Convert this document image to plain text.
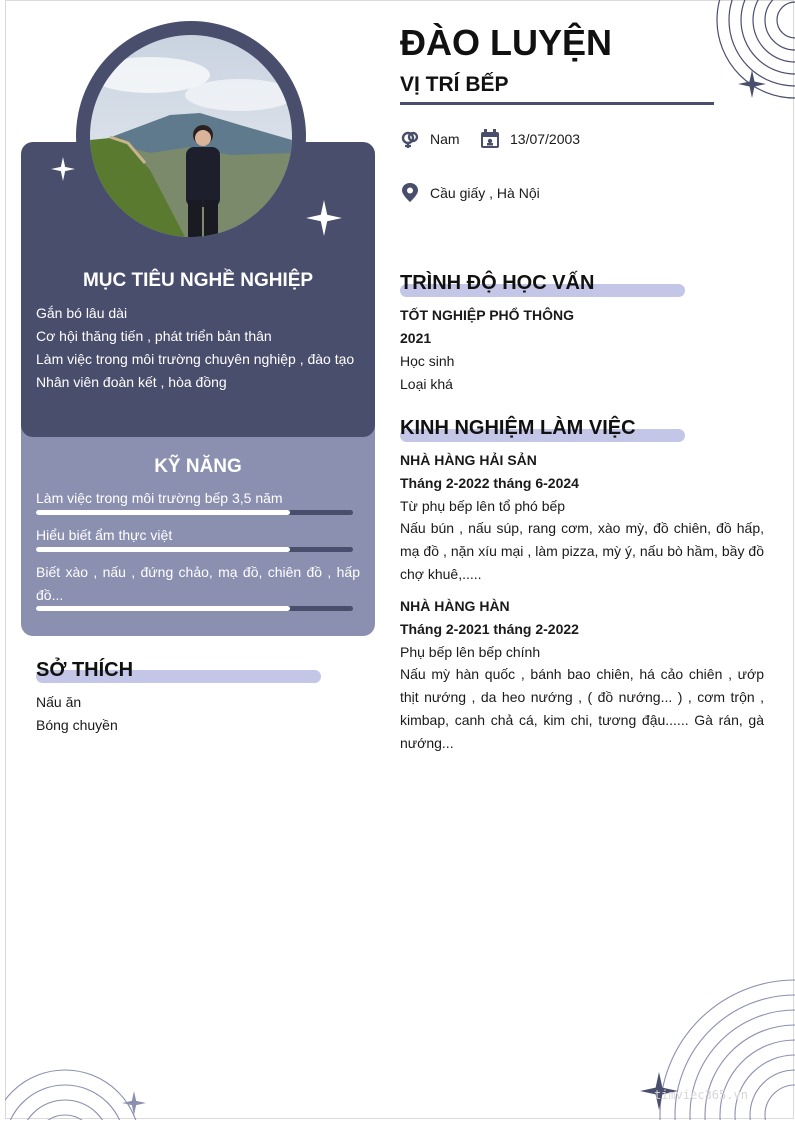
MỤC TIÊU NGHỀ NGHIỆP
Gắn bó lâu dài
Cơ hội thăng tiến , phát triển bản thân
Làm việc trong môi trường chuyên nghiệp , đào tạo
Nhân viên đoàn kết , hòa đồng
KỸ NĂNG
Làm việc trong môi trường bếp 3,5 năm
Hiểu biết ẩm thực việt
Biết xào , nấu , đứng chảo, mạ đồ, chiên đồ , hấp đồ...
SỞ THÍCH
Nấu ăn
Bóng chuyền
ĐÀO LUYỆN
VỊ TRÍ BẾP
Nam	13/07/2003
Cầu giấy , Hà Nội
TRÌNH ĐỘ HỌC VẤN
TỐT NGHIỆP PHỔ THÔNG
2021
Học sinh
Loại khá
KINH NGHIỆM LÀM VIỆC
NHÀ HÀNG HẢI SẢN
Tháng 2-2022 tháng 6-2024
Từ phụ bếp lên tổ phó bếp
Nấu bún , nấu súp, rang cơm, xào mỳ, đồ chiên, đồ hấp, mạ đồ , nặn xíu mại , làm pizza, mỳ ý, nấu bò hầm, bầy đồ chợ khuê,.....
NHÀ HÀNG HÀN
Tháng 2-2021 tháng 2-2022
Phụ bếp lên bếp chính
Nấu mỳ hàn quốc , bánh bao chiên, há cảo chiên , ướp thịt nướng , da heo nướng , ( đồ nướng... ) , cơm trộn , kimbap, canh chả cá, kim chi, tương đậu...... Gà rán, gà nướng...
timviec365.vn
